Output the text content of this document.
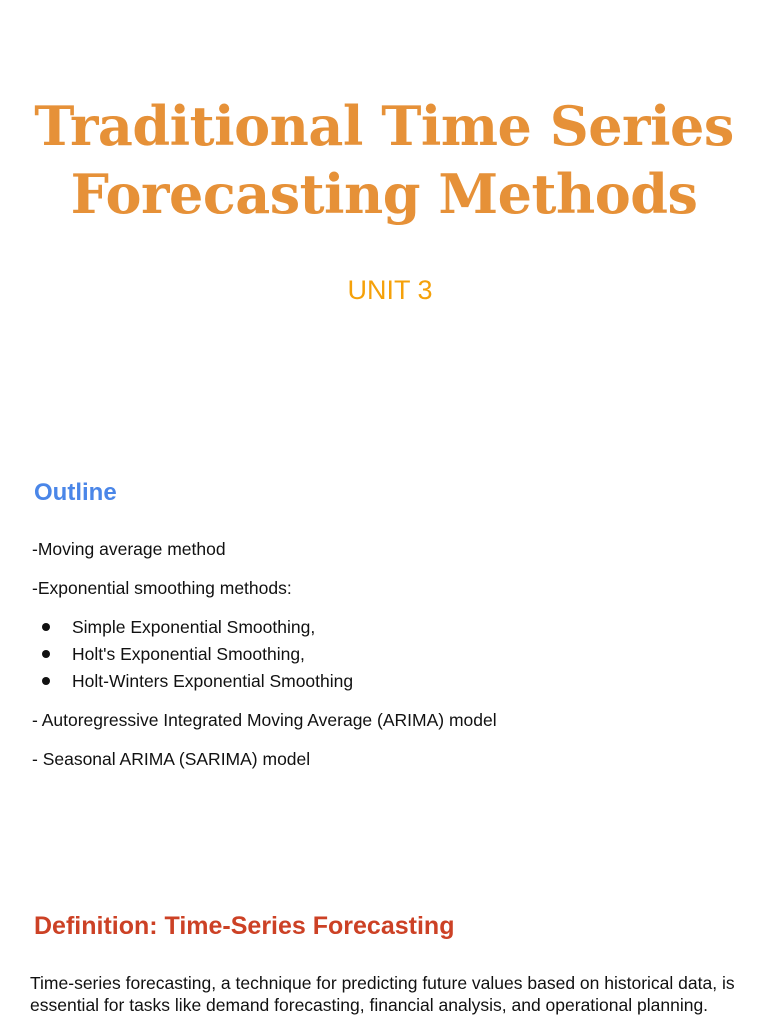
Traditional Time Series
Forecasting Methods
UNIT 3
Outline

-Moving average method

-Exponential smoothing methods:

Simple Exponential Smoothing,
Holt's Exponential Smoothing,
Holt-Winters Exponential Smoothing

- Autoregressive Integrated Moving Average (ARIMA) model

- Seasonal ARIMA (SARIMA) model

Definition: Time-Series Forecasting

Time-series forecasting, a technique for predicting future values based on historical data, is essential for tasks like demand forecasting, financial analysis, and operational planning.
